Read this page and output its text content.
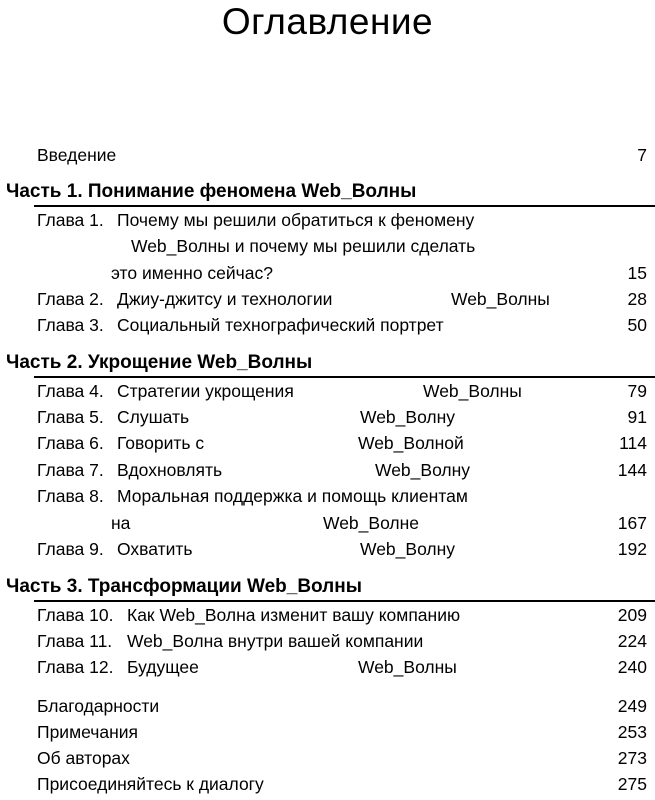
Оглавление
Введение	7
Часть 1. Понимание феномена Web_Волны
Глава 1. Почему мы решили обратиться к феномену
Web_Волны и почему мы решили сделать
это именно сейчас?	15
Глава 2. Джиу-джитсу и технологии	Web_Волны	28
Глава 3. Социальный технографический портрет	50
Часть 2. Укрощение Web_Волны
Глава 4. Стратегии укрощения	Web_Волны	79
Глава 5. Слушать	Web_Волну	91
Глава 6. Говорить с	Web_Волной	114
Глава 7. Вдохновлять	Web_Волну	144
Глава 8. Моральная поддержка и помощь клиентам
на	Web_Волне	167
Глава 9. Охватить	Web_Волну	192
Часть 3. Трансформации Web_Волны
Глава 10. Как Web_Волна изменит вашу компанию	209
Глава 11. Web_Волна внутри вашей компании	224
Глава 12. Будущее	Web_Волны	240
Благодарности	249
Примечания	253
Об авторах	273
Присоединяйтесь к диалогу	275
